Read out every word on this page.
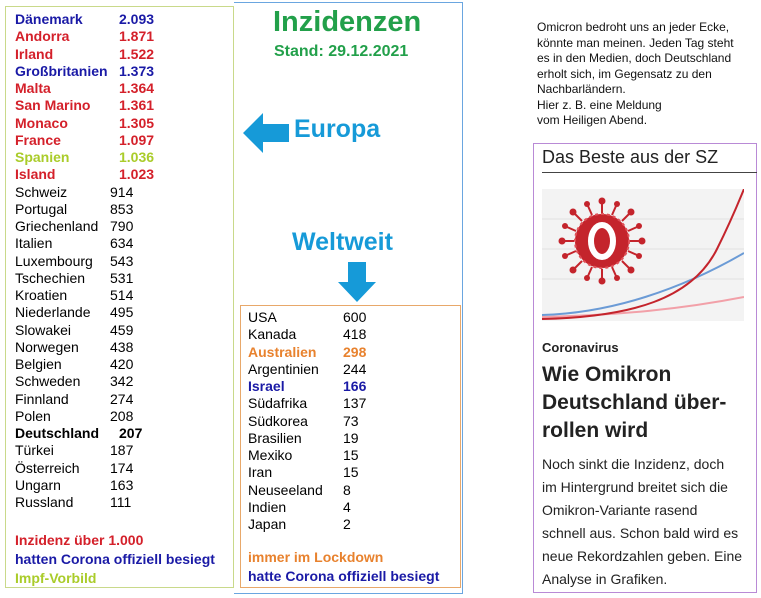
Dänemark	2.093
Andorra	1.871
Irland	1.522
Großbritanien 1.373
Malta	1.364
San Marino 1.361
Monaco	1.305
France	1.097
Spanien	1.036
Island	1.023
Schweiz	914
Portugal	853
Griechenland 790
Italien	634
Luxembourg 543
Tschechien 531
Kroatien	514
Niederlande 495
Slowakei	459
Norwegen 438
Belgien	420
Schweden 342
Finnland	274
Polen	208
Deutschland 207
Türkei	187
Österreich 174
Ungarn	163
Russland	111
Inzidenzen
Stand: 29.12.2021
Europa
Weltweit
USA	600
Kanada	418
Australien 298
Argentinien 244
Israel	166
Südafrika	137
Südkorea	73
Brasilien	19
Mexiko	15
Iran	15
Neuseeland 8
Indien	4
Japan	2
Inzidenz über 1.000
hatten Corona offiziell besiegt
Impf-Vorbild
immer im Lockdown
hatte Corona offiziell besiegt
Omicron bedroht uns an jeder Ecke,
könnte man meinen. Jeden Tag steht
es in den Medien, doch Deutschland
erholt sich, im Gegensatz zu den
Nachbarländern.
Hier z. B. eine Meldung
vom Heiligen Abend.
Das Beste aus der SZ
Coronavirus
Wie Omikron
Deutschland über-
rollen wird
Noch sinkt die Inzidenz, doch
im Hintergrund breitet sich die
Omikron-Variante rasend
schnell aus. Schon bald wird es
neue Rekordzahlen geben. Eine
Analyse in Grafiken.
